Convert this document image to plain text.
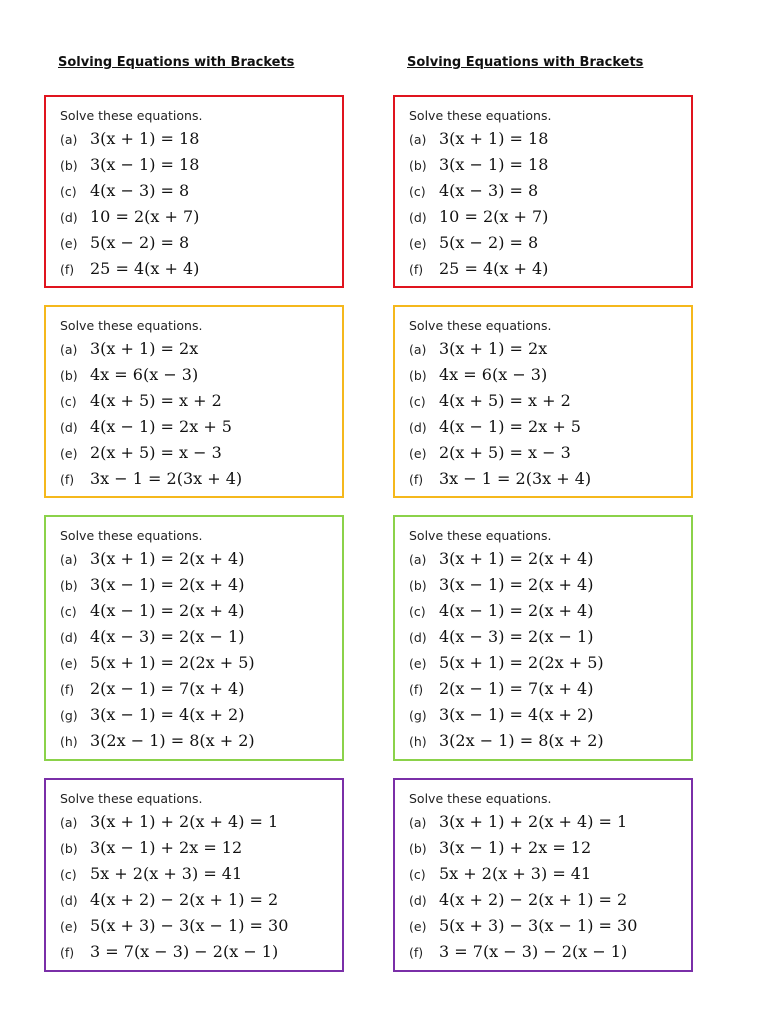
Solving Equations with Brackets
Solve these equations.
(a) 3(x + 1) = 18
(b) 3(x − 1) = 18
(c) 4(x − 3) = 8
(d) 10 = 2(x + 7)
(e) 5(x − 2) = 8
(f) 25 = 4(x + 4)
Solve these equations.
(a) 3(x + 1) = 2x
(b) 4x = 6(x − 3)
(c) 4(x + 5) = x + 2
(d) 4(x − 1) = 2x + 5
(e) 2(x + 5) = x − 3
(f) 3x − 1 = 2(3x + 4)
Solve these equations.
(a) 3(x + 1) = 2(x + 4)
(b) 3(x − 1) = 2(x + 4)
(c) 4(x − 1) = 2(x + 4)
(d) 4(x − 3) = 2(x − 1)
(e) 5(x + 1) = 2(2x + 5)
(f) 2(x − 1) = 7(x + 4)
(g) 3(x − 1) = 4(x + 2)
(h) 3(2x − 1) = 8(x + 2)
Solve these equations.
(a) 3(x + 1) + 2(x + 4) = 1
(b) 3(x − 1) + 2x = 12
(c) 5x + 2(x + 3) = 41
(d) 4(x + 2) − 2(x + 1) = 2
(e) 5(x + 3) − 3(x − 1) = 30
(f) 3 = 7(x − 3) − 2(x − 1)
Solving Equations with Brackets
Solve these equations.
(a) 3(x + 1) = 18
(b) 3(x − 1) = 18
(c) 4(x − 3) = 8
(d) 10 = 2(x + 7)
(e) 5(x − 2) = 8
(f) 25 = 4(x + 4)
Solve these equations.
(a) 3(x + 1) = 2x
(b) 4x = 6(x − 3)
(c) 4(x + 5) = x + 2
(d) 4(x − 1) = 2x + 5
(e) 2(x + 5) = x − 3
(f) 3x − 1 = 2(3x + 4)
Solve these equations.
(a) 3(x + 1) = 2(x + 4)
(b) 3(x − 1) = 2(x + 4)
(c) 4(x − 1) = 2(x + 4)
(d) 4(x − 3) = 2(x − 1)
(e) 5(x + 1) = 2(2x + 5)
(f) 2(x − 1) = 7(x + 4)
(g) 3(x − 1) = 4(x + 2)
(h) 3(2x − 1) = 8(x + 2)
Solve these equations.
(a) 3(x + 1) + 2(x + 4) = 1
(b) 3(x − 1) + 2x = 12
(c) 5x + 2(x + 3) = 41
(d) 4(x + 2) − 2(x + 1) = 2
(e) 5(x + 3) − 3(x − 1) = 30
(f) 3 = 7(x − 3) − 2(x − 1)
